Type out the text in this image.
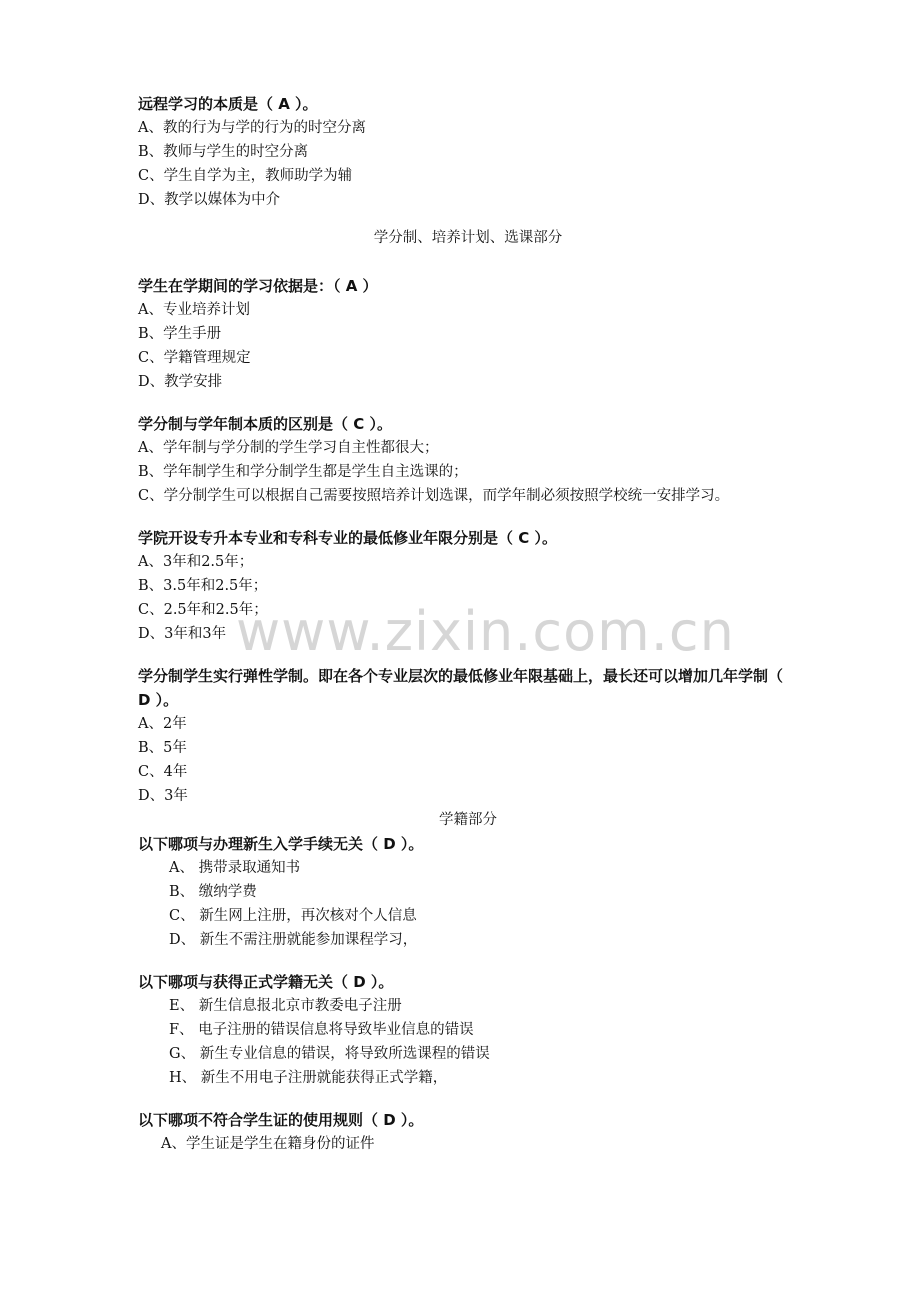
远程学习的本质是（ A ）。

A、教的行为与学的行为的时空分离

B、教师与学生的时空分离

C、学生自学为主，教师助学为辅

D、教学以媒体为中介

学分制、培养计划、选课部分

学生在学期间的学习依据是：（ A ）

A、专业培养计划

B、学生手册

C、学籍管理规定

D、教学安排

学分制与学年制本质的区别是（ C ）。

A、学年制与学分制的学生学习自主性都很大；

B、学年制学生和学分制学生都是学生自主选课的；

C、学分制学生可以根据自己需要按照培养计划选课，而学年制必须按照学校统一安排学习。

学院开设专升本专业和专科专业的最低修业年限分别是（ C ）。

A、3年和2.5年；

B、3.5年和2.5年；

C、2.5年和2.5年；

D、3年和3年

学分制学生实行弹性学制。即在各个专业层次的最低修业年限基础上，最长还可以增加几年学制（ D ）。

A、2年

B、5年

C、4年

D、3年

学籍部分

以下哪项与办理新生入学手续无关（ D ）。

A、 携带录取通知书

B、 缴纳学费

C、 新生网上注册，再次核对个人信息

D、 新生不需注册就能参加课程学习，

以下哪项与获得正式学籍无关（ D ）。

E、 新生信息报北京市教委电子注册

F、 电子注册的错误信息将导致毕业信息的错误

G、 新生专业信息的错误，将导致所选课程的错误

H、 新生不用电子注册就能获得正式学籍，

以下哪项不符合学生证的使用规则（ D ）。

A、学生证是学生在籍身份的证件

www.zixin.com.cn
